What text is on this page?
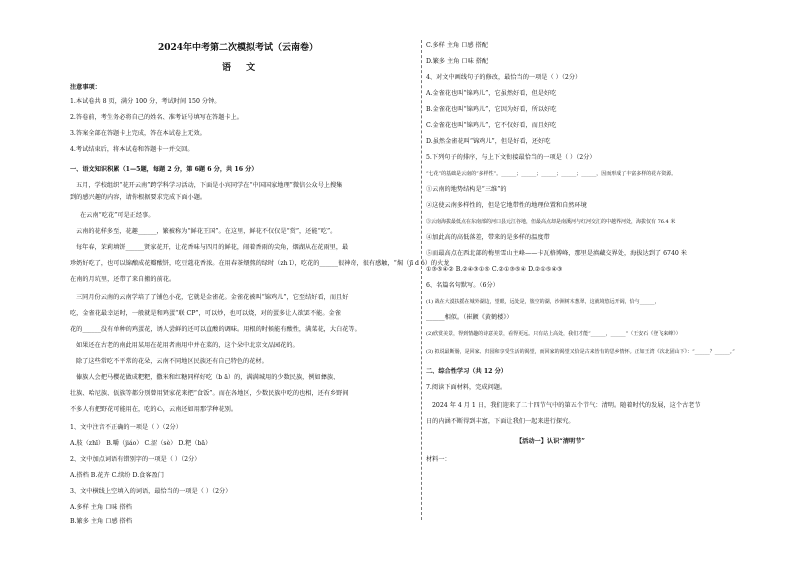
2024年中考第二次模拟考试（云南卷）
语 文
注意事项：
1.本试卷共 8 页，满分 100 分，考试时间 150 分钟。
2.答卷前，考生务必将自己的姓名、准考证号填写在答题卡上。
3.答案全部在答题卡上完成，答在本试卷上无效。
4.考试结束后，将本试卷和答题卡一并交回。
一、语文知识积累（1—5题，每题 2 分，第 6题 6 分，共 16 分）
五月，学校组织“花开云南”跨学科学习活动，下面是小宾同学在“中国国家地理”微信公众号上搜集
到的感兴趣的内容，请你根据要求完成下面小题。
在云南“吃花”可是正经事。
云南的花样多至，花趣______，繁被称为“鲜花王国”。在这里，鲜花不仅仅是“赏”，还能“吃”。
每年春，茉莉填饼______贤家花开，让花香味与四月的鲜花，闹着香雨的尖角，烟湖从在花雨里，最
珍奶好吃了，也可以锦酿成花瓣酸饼，吃豆蔻花香浓。在用春茶煨熬的绿时（zh ī），吃花的______很神奇，很有感触，“焖（jī d ǒ）的火龙
在南的月坑里，还带了来自搬的前花。
三同月份云南的云南学培了了铺色小花，它就是金雀花。金雀花被叫“锦鸡儿”，它至结好看，而且好
吃，金雀花最幸运时，一般就是和鸡蛋“联 CP”，可以炒，也可以烧，对的蛋多让人欲罢不能。金雀
花的______没有单种的鸡蛋花，诱人尝鲜的还可以直酸的调味。用根的时候能有酸性，满菜花，大白花等。
如果还在古老的南此用某用在花用者南用中并在菜的，这个朵中北京文品园花的。
除了这些常吃不平常的花朵，云南不同地区民族还有自己特色的花材。
傣族人会把马樱花做成粑粑，撒米和红糖同样好吃（b ā）的，满满城用的少数民族，例如彝族、
壮族、哈尼族、佤族等都分别曾用贤家花来把“食饭”。而在各地区，少数民族中吃的也相，还有乡野间
不多人有把野花可能用在，吃的心，云南还如用那学种花别。
1、文中注音不正确的一项是（ ）（2分）
A.肢（zhī） B.嚼（jiáo） C.涩（sè） D.粑（bā）
2、文中加点词语有错别字的一项是（ ）（2分）
A.搭档 B.花卉 C.续纷 D.食客盈门
3、文中横线上空填入的词语，最恰当的一项是（ ）（2分）
A.多样 主角 口味 搭档
B.繁多 主角 口感 搭档
C.多样 主角 口感 搭配
D.繁多 主角 口味 搭配
4、对文中画线句子的修改，最恰当的一项是（ ）（2分）
A.金雀花也叫“锦鸡儿”，它虽然好看，但是好吃
B.金雀花也叫“锦鸡儿”，它因为好看，所以好吃
C.金雀花也叫“锦鸡儿”，它不仅好看，而且好吃
D.虽然金雀花叫“锦鸡儿”，但是好看，还好吃
5.下列句子的排序，与上下文衔接最恰当的一项是（ ）（2分）
“七花”的基础是云南的“多样性”。______；______；______；______；______，因而形成了丰富多样的花卉资源。
①云南的地势结构是“三维”的
②这使云南多样性的，但是它地带性的地理位置和自然环境
③云南海拔最低点在东南部的河口县元江谷地，但最高点却是南溪河与红河交汇的中越界河处，海拔仅有 76.4 米
④加此高的高低落差，带来的是多样的温度带
⑤而最高点在西北部的梅里雪山主峰——卡瓦格博峰，那里是滇藏交界处，海拔达到了 6740 米
①③⑤④② B.②④③①⑤ C.②①③⑤④ D.②①⑤④③
6、名篇名句默写。（6分）
(1) 战在大漠扶摇在城外湖边，望眼，远处是，簇空的湖，沙洲树木葱翠，这就境悠远开阔，恰与______，
______相似。（崔颢《黄鹤楼》）
(2)欣赏美景，得到情趣的诗意美景，看得更远。只有站上高处，我们才能“______，______”（王安石《登飞来峰》）
(3) 拟说最断肠，是回家、归园和享受生活的渴望，而回家的渴望又恰是古来皆有的思乡情怀。正如王湾《次北固山下》：“______？______。”
二、综合性学习（共 12 分）
7.阅读下面材料，完成问题。
2024 年 4 月 1 日，我们迎来了二十四节气中的第五个节气：清明。随着时代的发展，这个古老节
日的内涵不断得到丰富，下面让我们一起来进行探究。
【活动一】认识“清明节”
材料一：
